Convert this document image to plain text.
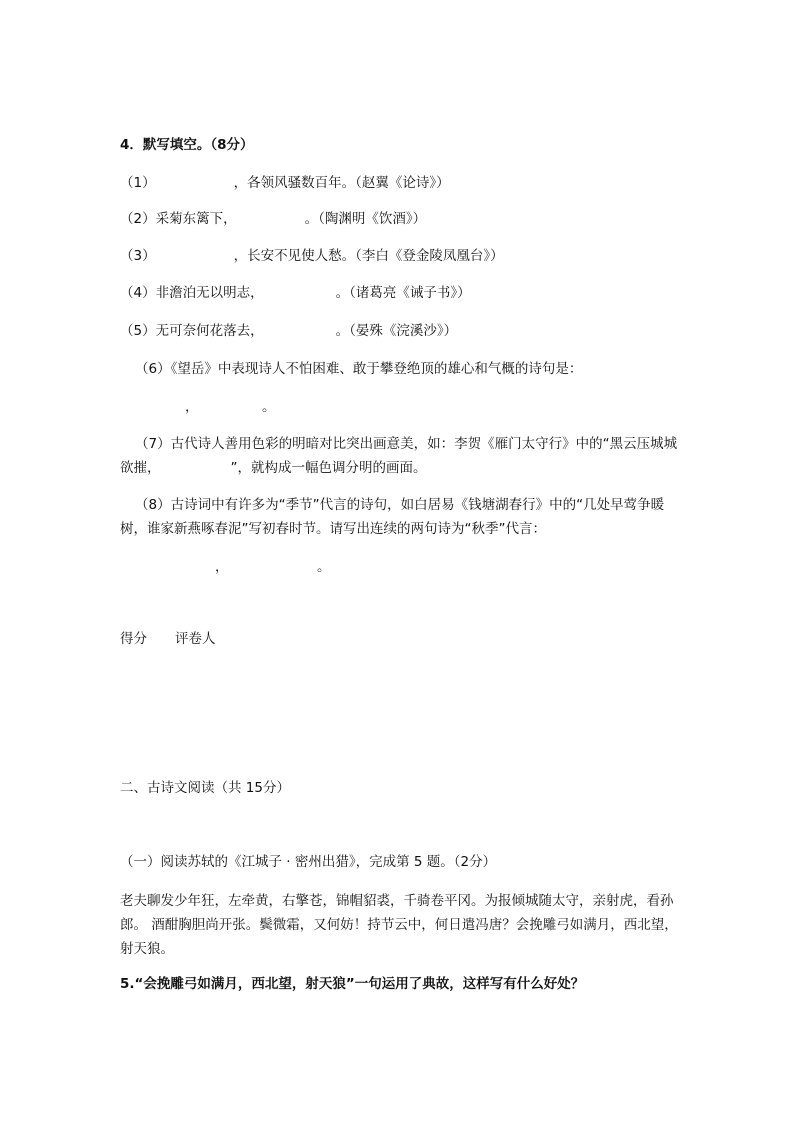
4．默写填空。（8分）
（1）	，各领风骚数百年。（赵翼《论诗》）
（2）采菊东篱下，	。（陶渊明《饮酒》）
（3）	，长安不见使人愁。（李白《登金陵凤凰台》）
（4）非澹泊无以明志，	。（诸葛亮《诫子书》）
（5）无可奈何花落去，	。（晏殊《浣溪沙》）
（6）《望岳》中表现诗人不怕困难、敢于攀登绝顶的雄心和气概的诗句是：
，	。
（7）古代诗人善用色彩的明暗对比突出画意美，如：李贺《雁门太守行》中的“黑云压城城欲摧，	”，就构成一幅色调分明的画面。
（8）古诗词中有许多为“季节”代言的诗句，如白居易《钱塘湖春行》中的“几处早莺争暖树，谁家新燕啄春泥”写初春时节。请写出连续的两句诗为“秋季”代言：
，	。
得分 评卷人
二、古诗文阅读（共 15分）
（一）阅读苏轼的《江城子 · 密州出猎》，完成第 5 题。（2分）
老夫聊发少年狂，左牵黄，右擎苍，锦帽貂裘，千骑卷平冈。为报倾城随太守，亲射虎，看孙郎。 酒酣胸胆尚开张。鬓微霜，又何妨！持节云中，何日遣冯唐？会挽雕弓如满月，西北望，射天狼。
5.“会挽雕弓如满月，西北望，射天狼”一句运用了典故，这样写有什么好处？
